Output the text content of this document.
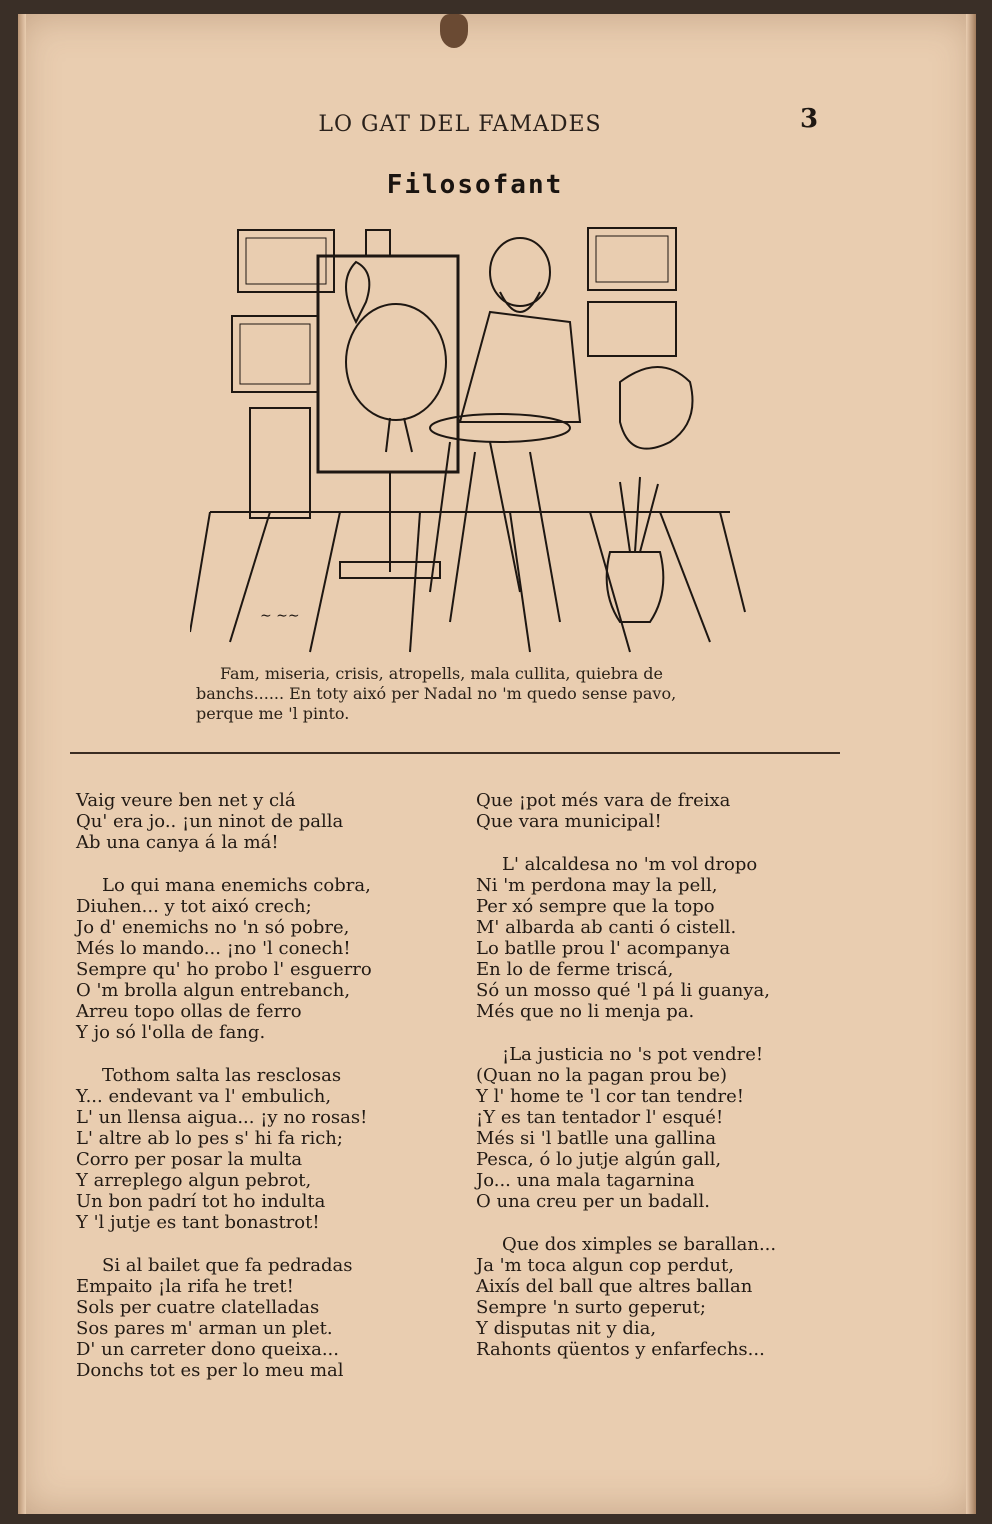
LO GAT DEL FAMADES	3
Filosofant
∼ ∼∼
Fam, miseria, crisis, atropells, mala cullita, quiebra de
banchs...... En toty aixó per Nadal no 'm quedo sense pavo,
perque me 'l pinto.
Vaig veure ben net y clá
Qu' era jo.. ¡un ninot de palla
Ab una canya á la má!
Lo qui mana enemichs cobra,
Diuhen... y tot aixó crech;
Jo d' enemichs no 'n só pobre,
Més lo mando... ¡no 'l conech!
Sempre qu' ho probo l' esguerro
O 'm brolla algun entrebanch,
Arreu topo ollas de ferro
Y jo só l'olla de fang.
Tothom salta las resclosas
Y... endevant va l' embulich,
L' un llensa aigua... ¡y no rosas!
L' altre ab lo pes s' hi fa rich;
Corro per posar la multa
Y arreplego algun pebrot,
Un bon padrí tot ho indulta
Y 'l jutje es tant bonastrot!
Si al bailet que fa pedradas
Empaito ¡la rifa he tret!
Sols per cuatre clatelladas
Sos pares m' arman un plet.
D' un carreter dono queixa...
Donchs tot es per lo meu mal
Que ¡pot més vara de freixa
Que vara municipal!
L' alcaldesa no 'm vol dropo
Ni 'm perdona may la pell,
Per xó sempre que la topo
M' albarda ab canti ó cistell.
Lo batlle prou l' acompanya
En lo de ferme triscá,
Só un mosso qué 'l pá li guanya,
Més que no li menja pa.
¡La justicia no 's pot vendre!
(Quan no la pagan prou be)
Y l' home te 'l cor tan tendre!
¡Y es tan tentador l' esqué!
Més si 'l batlle una gallina
Pesca, ó lo jutje algún gall,
Jo... una mala tagarnina
O una creu per un badall.
Que dos ximples se barallan...
Ja 'm toca algun cop perdut,
Aixís del ball que altres ballan
Sempre 'n surto geperut;
Y disputas nit y dia,
Rahonts qüentos y enfarfechs...
